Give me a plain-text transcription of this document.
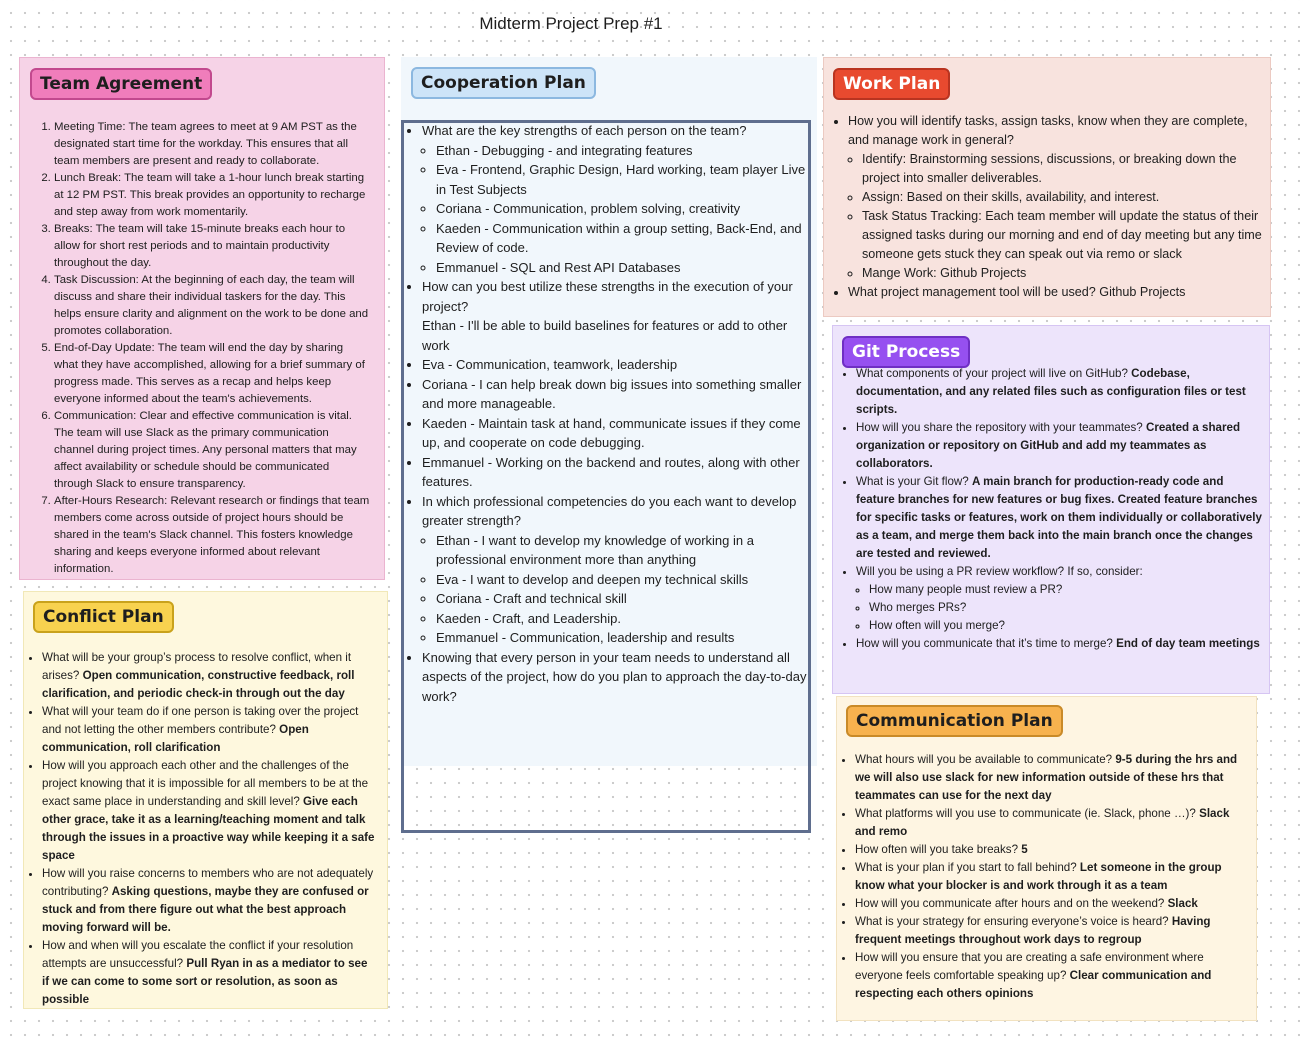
Midterm Project Prep #1
Team Agreement
1. Meeting Time: The team agrees to meet at 9 AM PST as the designated start time for the workday. This ensures that all team members are present and ready to collaborate.
2. Lunch Break: The team will take a 1-hour lunch break starting at 12 PM PST. This break provides an opportunity to recharge and step away from work momentarily.
3. Breaks: The team will take 15-minute breaks each hour to allow for short rest periods and to maintain productivity throughout the day.
4. Task Discussion: At the beginning of each day, the team will discuss and share their individual taskers for the day. This helps ensure clarity and alignment on the work to be done and promotes collaboration.
5. End-of-Day Update: The team will end the day by sharing what they have accomplished, allowing for a brief summary of progress made. This serves as a recap and helps keep everyone informed about the team's achievements.
6. Communication: Clear and effective communication is vital. The team will use Slack as the primary communication channel during project times. Any personal matters that may affect availability or schedule should be communicated through Slack to ensure transparency.
7. After-Hours Research: Relevant research or findings that team members come across outside of project hours should be shared in the team's Slack channel. This fosters knowledge sharing and keeps everyone informed about relevant information.
Conflict Plan
• What will be your group’s process to resolve conflict, when it arises? Open communication, constructive feedback, roll clarification, and periodic check-in through out the day
• What will your team do if one person is taking over the project and not letting the other members contribute? Open communication, roll clarification
• How will you approach each other and the challenges of the project knowing that it is impossible for all members to be at the exact same place in understanding and skill level? Give each other grace, take it as a learning/teaching moment and talk through the issues in a proactive way while keeping it a safe space
• How will you raise concerns to members who are not adequately contributing? Asking questions, maybe they are confused or stuck and from there figure out what the best approach moving forward will be.
• How and when will you escalate the conflict if your resolution attempts are unsuccessful? Pull Ryan in as a mediator to see if we can come to some sort or resolution, as soon as possible
Cooperation Plan
• What are the key strengths of each person on the team?
◦ Ethan - Debugging - and integrating features
◦ Eva - Frontend, Graphic Design, Hard working, team player Live in Test Subjects
◦ Coriana - Communication, problem solving, creativity
◦ Kaeden - Communication within a group setting, Back-End, and Review of code.
◦ Emmanuel - SQL and Rest API Databases
• How can you best utilize these strengths in the execution of your project?
Ethan - I'll be able to build baselines for features or add to other work
• Eva - Communication, teamwork, leadership
• Coriana - I can help break down big issues into something smaller and more manageable.
• Kaeden - Maintain task at hand, communicate issues if they come up, and cooperate on code debugging.
• Emmanuel - Working on the backend and routes, along with other features.
• In which professional competencies do you each want to develop greater strength?
◦ Ethan - I want to develop my knowledge of working in a professional environment more than anything
◦ Eva - I want to develop and deepen my technical skills
◦ Coriana - Craft and technical skill
◦ Kaeden - Craft, and Leadership.
◦ Emmanuel - Communication, leadership and results
• Knowing that every person in your team needs to understand all aspects of the project, how do you plan to approach the day-to-day work?
Work Plan
• How you will identify tasks, assign tasks, know when they are complete, and manage work in general?
◦ Identify: Brainstorming sessions, discussions, or breaking down the project into smaller deliverables.
◦ Assign: Based on their skills, availability, and interest.
◦ Task Status Tracking: Each team member will update the status of their assigned tasks during our morning and end of day meeting but any time someone gets stuck they can speak out via remo or slack
◦ Mange Work: Github Projects
• What project management tool will be used? Github Projects
Git Process
• What components of your project will live on GitHub? Codebase, documentation, and any related files such as configuration files or test scripts.
• How will you share the repository with your teammates? Created a shared organization or repository on GitHub and add my teammates as collaborators.
• What is your Git flow? A main branch for production-ready code and feature branches for new features or bug fixes. Created feature branches for specific tasks or features, work on them individually or collaboratively as a team, and merge them back into the main branch once the changes are tested and reviewed.
• Will you be using a PR review workflow? If so, consider:
◦ How many people must review a PR?
◦ Who merges PRs?
◦ How often will you merge?
• How will you communicate that it’s time to merge? End of day team meetings
Communication Plan
• What hours will you be available to communicate? 9-5 during the hrs and we will also use slack for new information outside of these hrs that teammates can use for the next day
• What platforms will you use to communicate (ie. Slack, phone …)? Slack and remo
• How often will you take breaks? 5
• What is your plan if you start to fall behind? Let someone in the group know what your blocker is and work through it as a team
• How will you communicate after hours and on the weekend? Slack
• What is your strategy for ensuring everyone’s voice is heard? Having frequent meetings throughout work days to regroup
• How will you ensure that you are creating a safe environment where everyone feels comfortable speaking up? Clear communication and respecting each others opinions
